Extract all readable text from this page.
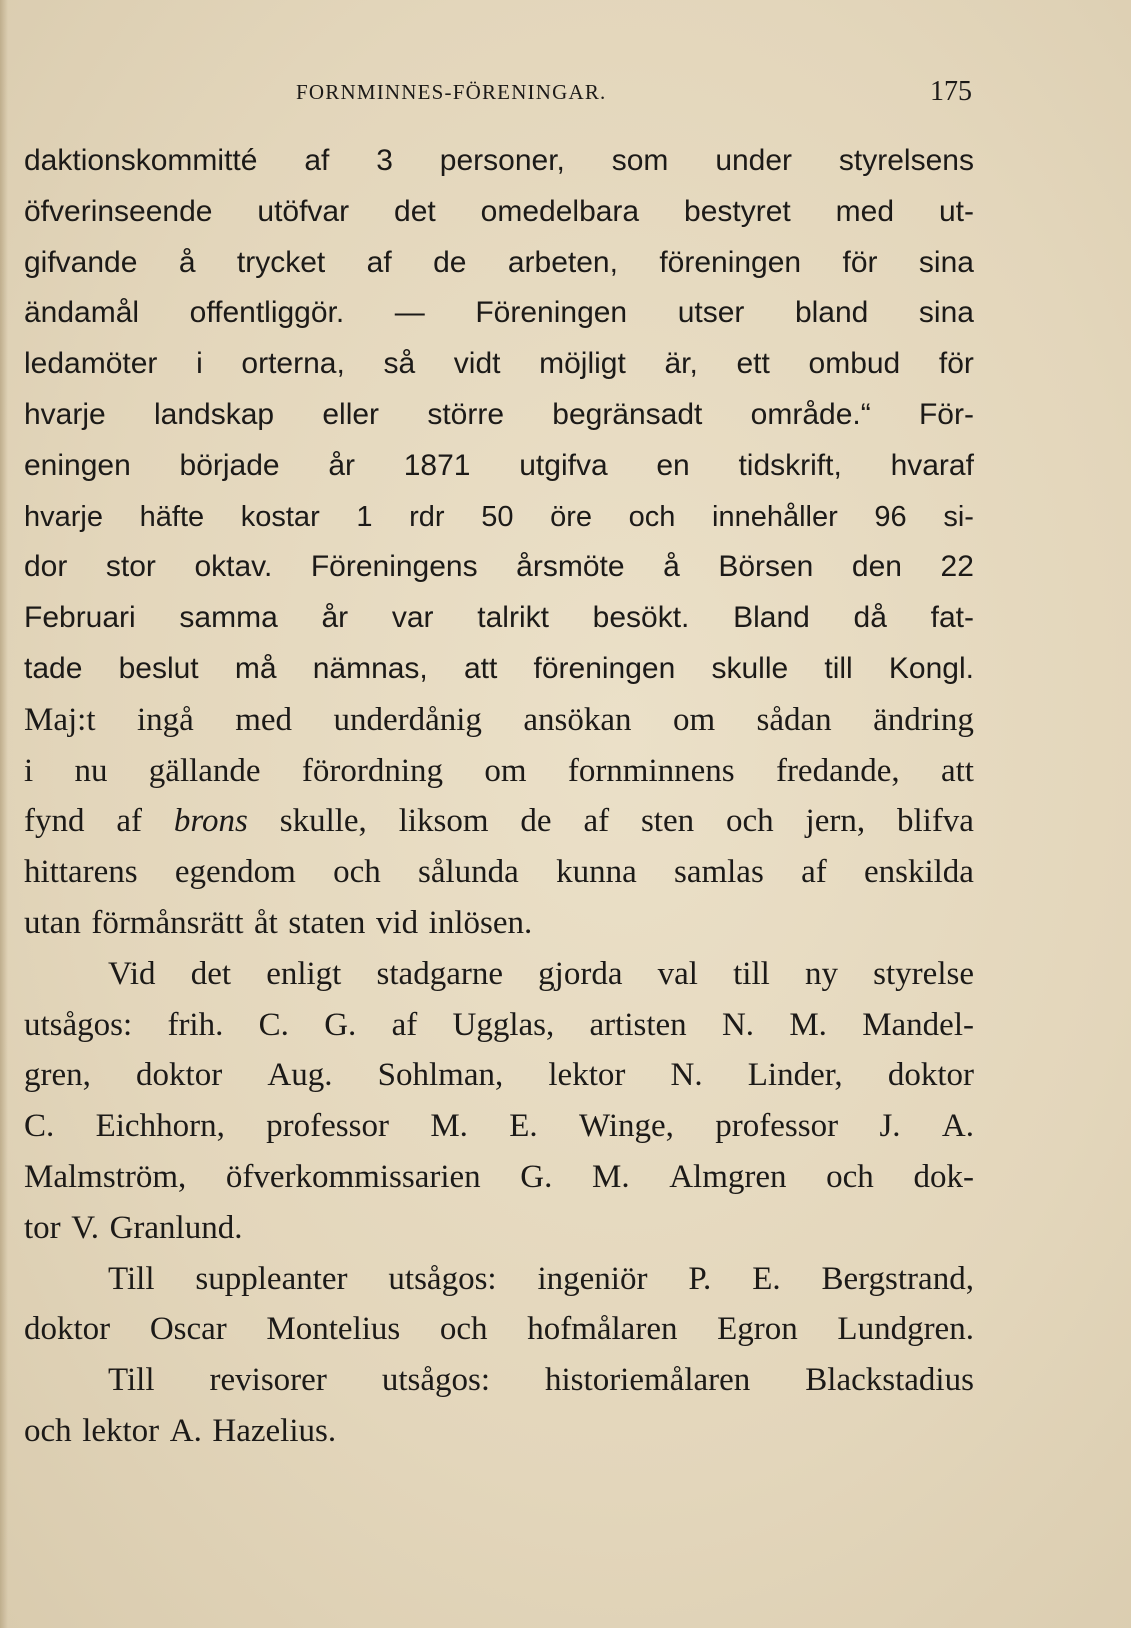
FORNMINNES-FÖRENINGAR.	175
daktionskommitté af 3 personer, som under styrelsens
öfverinseende utöfvar det omedelbara bestyret med ut-
gifvande å trycket af de arbeten, föreningen för sina
ändamål offentliggör. — Föreningen utser bland sina
ledamöter i orterna, så vidt möjligt är, ett ombud för
hvarje landskap eller större begränsadt område.“ För-
eningen började år 1871 utgifva en tidskrift, hvaraf
hvarje häfte kostar 1 rdr 50 öre och innehåller 96 si-
dor stor oktav. Föreningens årsmöte å Börsen den 22
Februari samma år var talrikt besökt. Bland då fat-
tade beslut må nämnas, att föreningen skulle till Kongl.
Maj:t ingå med underdånig ansökan om sådan ändring
i nu gällande förordning om fornminnens fredande, att
fynd af brons skulle, liksom de af sten och jern, blifva
hittarens egendom och sålunda kunna samlas af enskilda
utan förmånsrätt åt staten vid inlösen.
Vid det enligt stadgarne gjorda val till ny styrelse
utsågos: frih. C. G. af Ugglas, artisten N. M. Mandel-
gren, doktor Aug. Sohlman, lektor N. Linder, doktor
C. Eichhorn, professor M. E. Winge, professor J. A.
Malmström, öfverkommissarien G. M. Almgren och dok-
tor V. Granlund.
Till suppleanter utsågos: ingeniör P. E. Bergstrand,
doktor Oscar Montelius och hofmålaren Egron Lundgren.
Till revisorer utsågos: historiemålaren Blackstadius
och lektor A. Hazelius.
